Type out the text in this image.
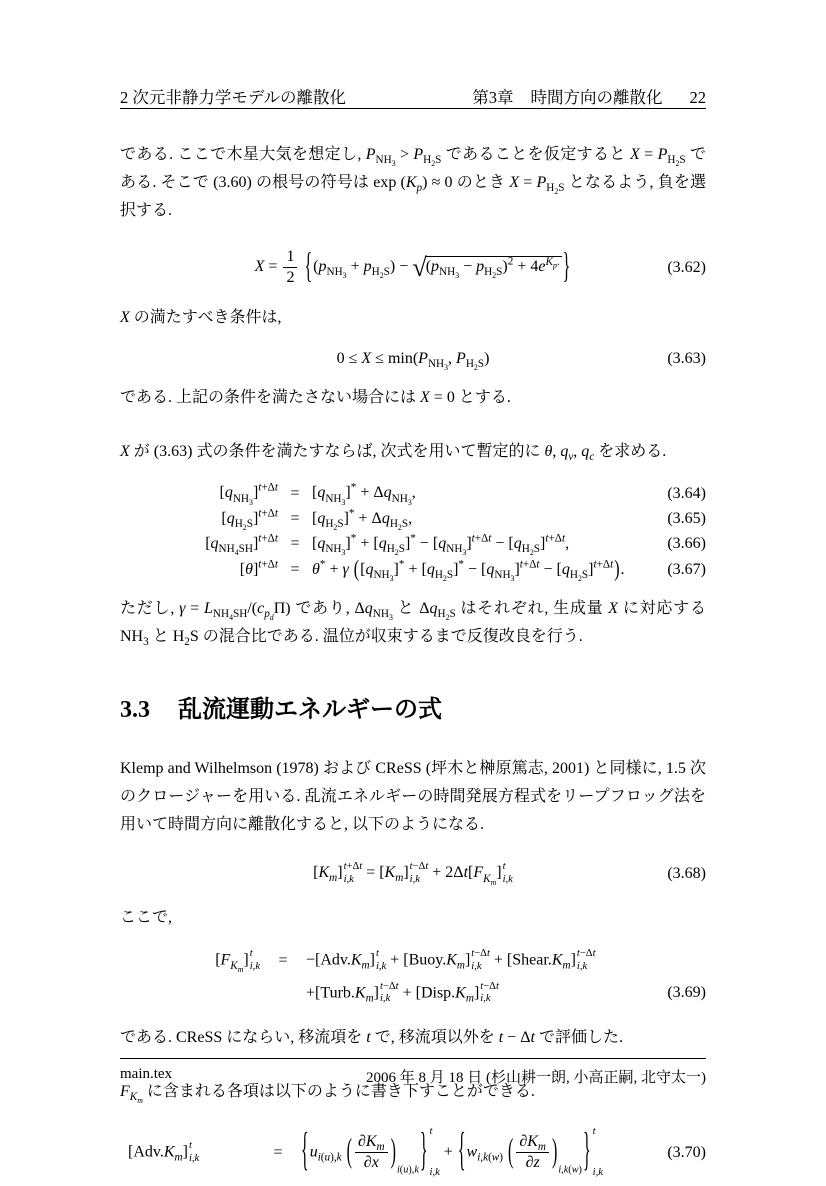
2 次元非静力学モデルの離散化	第3章 時間方向の離散化 22

である. ここで木星大気を想定し, $P_{NH_3} > P_{H_2S}$ であることを仮定すると $X = P_{H_2S}$ である. そこで (3.60) の根号の符号は $\exp (K_p) \approx 0$ のとき $X = P_{H_2S}$ となるよう, 負を選択する.

$X = \frac{1}{2} \{(p_{NH_3} + p_{H_2S}) - √(p_{NH_3} - p_{H_2S})^2 + 4e^{K_p.}$ }	(3.62)

X の満たすべき条件は,

$0 \le X \le \min(P_{NH_3}$, $P_{H_2S}$)	(3.63)

である. 上記の条件を満たさない場合には X = 0 とする.

X が (3.63) 式の条件を満たすならば, 次式を用いて暫定的に θ, $q_v$, $q_c$ を求める.

$[q_{NH_3}]^{t+\Delta t} = [q_{NH_3}]^* + \Delta q_{NH_3}$,	(3.64)
$[q_{H_2S}]^{t+\Delta t} = [q_{H_2S}]^* + \Delta q_{H_2S}$,	(3.65)
$[q_{NH_4SH}]^{t+\Delta t} = [q_{NH_3}]^* + [q_{H_2S}]^* - [q_{NH_3}]^{t+\Delta t} - [q_{H_2S}]^{t+\Delta t}$,	(3.66)
$[\theta]^{t+\Delta t} = \theta^* + \gamma$ $([q_{NH_3}]^* + [q_{H_2S}]^* - [q_{NH_3}]^{t+\Delta t} - [q_{H_2S}]^{t+\Delta t})$.	(3.67)

ただし, $\gamma = L_{NH_4SH}/(c_{p_d}\Pi)$ であり, $\Delta q_{NH_3}$ と $\Delta q_{H_2S}$ はそれぞれ, 生成量 X に対応する $NH_3$ と $H_2S$ の混合比である. 温位が収束するまで反復改良を行う.

3.3 乱流運動エネルギーの式

Klemp and Wilhelmson (1978) および CReSS (坪木と榊原篤志, 2001) と同様に, 1.5 次のクロージャーを用いる. 乱流エネルギーの時間発展方程式をリープフロッグ法を用いて時間方向に離散化すると, 以下のようになる.

$[K_m]$ t+Δt
$i,k = [K_m]$ t−Δt
$i,k + 2\Delta t[F_{K_m}]$ t
i,k	(3.68)

ここで,

$[F_{K_m}]$ t
i,k	=	$-[Adv.K_m]$ t
$i,k + [Buoy.K_m]$ t−Δt
$i,k + [Shear.K_m]$ t−Δt
i,k
$+[Turb.K_m]$ t−Δt
$i,k + [Disp.K_m]$ t−Δt
i,k	(3.69)

である. CReSS にならい, 移流項を t で, 移流項以外を t − Δt で評価した.

$F_{K_m}$ に含まれる各項は以下のように書き下すことができる.

$[Adv.K_m]$ t
i,k	=	{$u_{i(u),k}$ ( $\frac{\partial K_m}{\partial x} )_{i(u),k}$} t
i,k
+ {$w_{i,k(w)}$ ( $\frac{\partial K_m}{\partial z} )_{i,k(w)}$} t
i,k
(3.70)
main.tex	2006 年 8 月 18 日 (杉山耕一朗, 小高正嗣, 北守太一)
